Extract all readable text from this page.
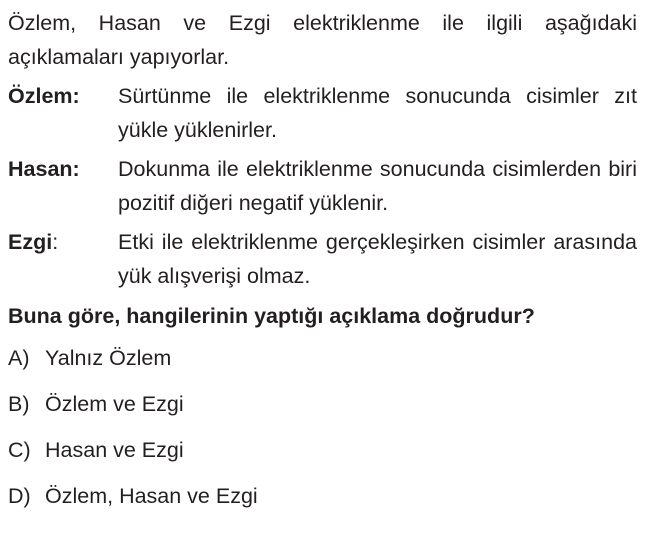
Özlem, Hasan ve Ezgi elektriklenme ile ilgili aşağıdaki açıklamaları yapıyorlar.

Özlem:	Sürtünme ile elektriklenme sonucunda cisimler zıt yükle yüklenirler.
Hasan:	Dokunma ile elektriklenme sonucunda cisimlerden biri pozitif diğeri negatif yüklenir.
Ezgi:	Etki ile elektriklenme gerçekleşirken cisimler arasında yük alışverişi olmaz.
Buna göre, hangilerinin yaptığı açıklama doğrudur?
A) Yalnız Özlem
B) Özlem ve Ezgi
C) Hasan ve Ezgi
D) Özlem, Hasan ve Ezgi
